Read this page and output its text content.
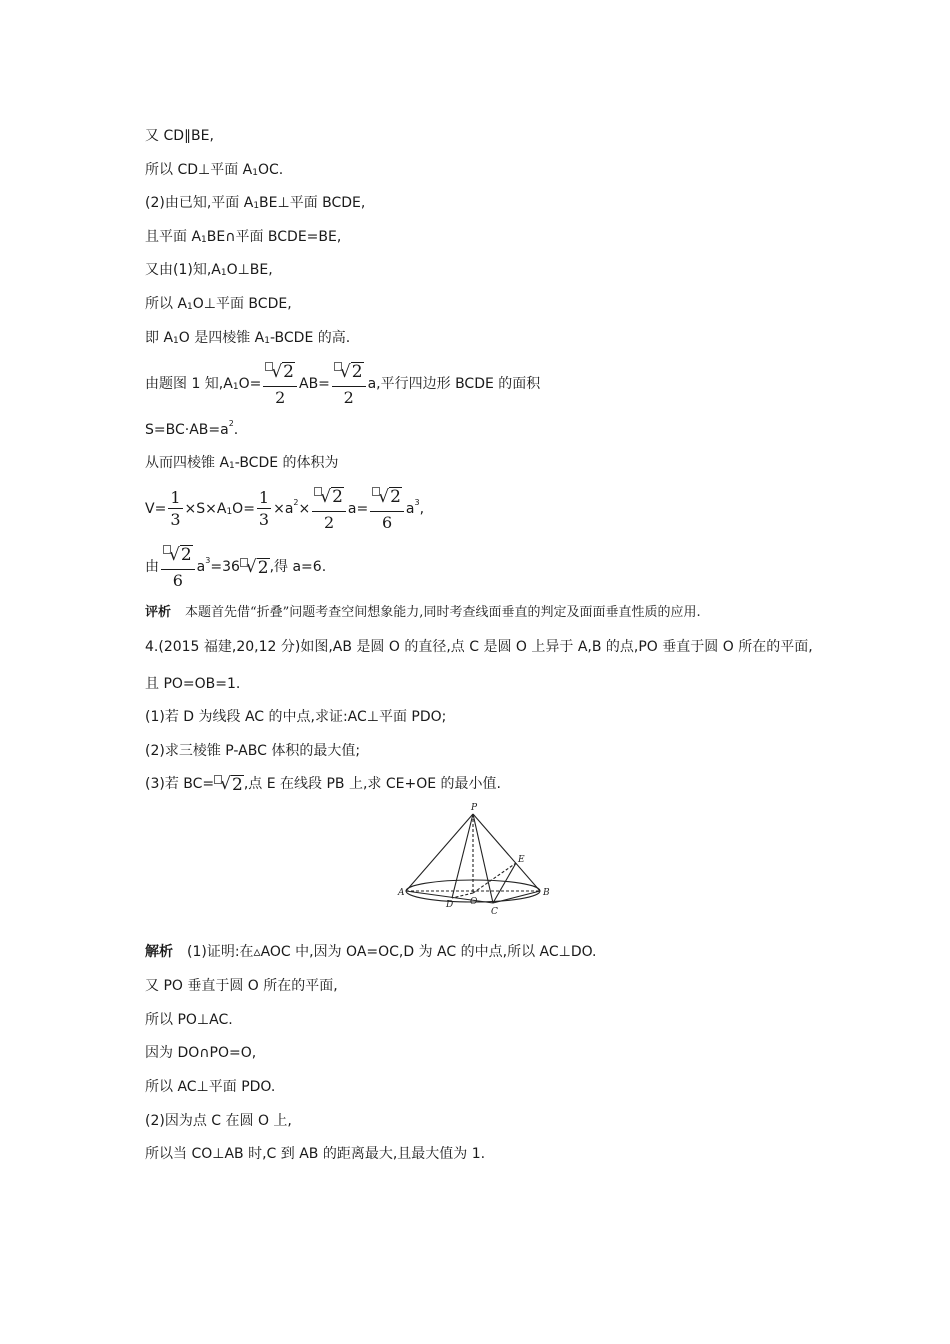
又 CD∥BE,
所以 CD⊥平面 A 1 OC.
(2)由已知,平面 A 1 BE⊥平面 BCDE,
且平面 A 1 BE∩平面 BCDE=BE,
又由(1)知,A 1 O⊥BE,
所以 A 1 O⊥平面 BCDE,
即 A 1 O 是四棱锥 A 1 -BCDE 的高.
由题图 1 知,A 1 $O= \frac{√ 2}{2} AB= \frac{√ 2}{2} a$,平行四边形 BCDE 的面积
S=BC·AB=a 2 .
从而四棱锥 A 1 -BCDE 的体积为
$V= \frac{1}{3} \times S\times A$ 1 $O= \frac{1}{3} \times a$ $2 \times \frac{√ 2}{2} a= \frac{√ 2}{6}$ a 3 ,
由 $\frac{√ 2}{6}$ a 3 =36 √ 2 ,得 a=6.
评析 本题首先借“折叠”问题考查空间想象能力,同时考查线面垂直的判定及面面垂直性质的应用.
4.(2015 福建,20,12 分)如图,AB 是圆 O 的直径,点 C 是圆 O 上异于 A,B 的点,PO 垂直于圆 O 所在的平面,
且 PO=OB=1.
(1)若 D 为线段 AC 的中点,求证:AC⊥平面 PDO;
(2)求三棱锥 P-ABC 体积的最大值;
(3)若 BC= √ 2 ,点 E 在线段 PB 上,求 CE+OE 的最小值.
P
A	B
C
D
E
O
解析 (1)证明:在▵AOC 中,因为 OA=OC,D 为 AC 的中点,所以 AC⊥DO.
又 PO 垂直于圆 O 所在的平面,
所以 PO⊥AC.
因为 DO∩PO=O,
所以 AC⊥平面 PDO.
(2)因为点 C 在圆 O 上,
所以当 CO⊥AB 时,C 到 AB 的距离最大,且最大值为 1.
